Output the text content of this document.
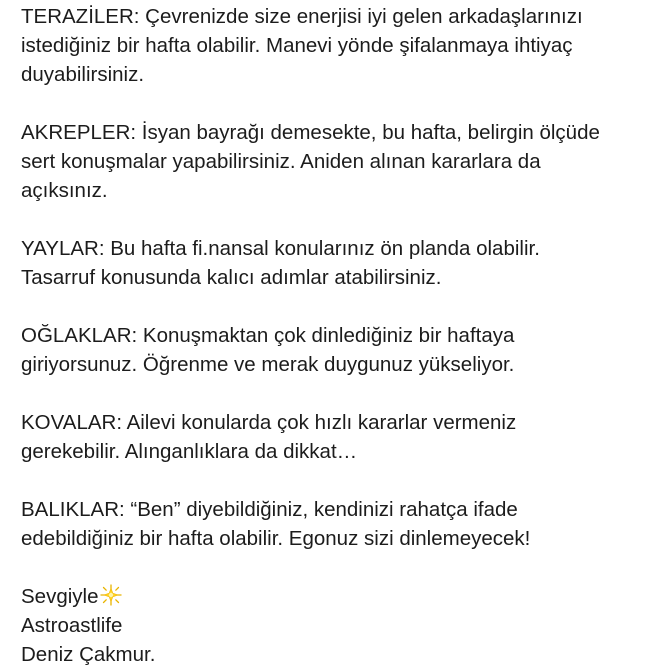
TERAZİLER: Çevrenizde size enerjisi iyi gelen arkadaşlarınızı
istediğiniz bir hafta olabilir. Manevi yönde şifalanmaya ihtiyaç
duyabilirsiniz.

AKREPLER: İsyan bayrağı demesekte, bu hafta, belirgin ölçüde
sert konuşmalar yapabilirsiniz. Aniden alınan kararlara da
açıksınız.

YAYLAR: Bu hafta fi.nansal konularınız ön planda olabilir.
Tasarruf konusunda kalıcı adımlar atabilirsiniz.

OĞLAKLAR: Konuşmaktan çok dinlediğiniz bir haftaya
giriyorsunuz. Öğrenme ve merak duygunuz yükseliyor.

KOVALAR: Ailevi konularda çok hızlı kararlar vermeniz
gerekebilir. Alınganlıklara da dikkat…

BALIKLAR: “Ben” diyebildiğiniz, kendinizi rahatça ifade
edebildiğiniz bir hafta olabilir. Egonuz sizi dinlemeyecek!

Sevgiyle
Astroastlife
Deniz Çakmur.
